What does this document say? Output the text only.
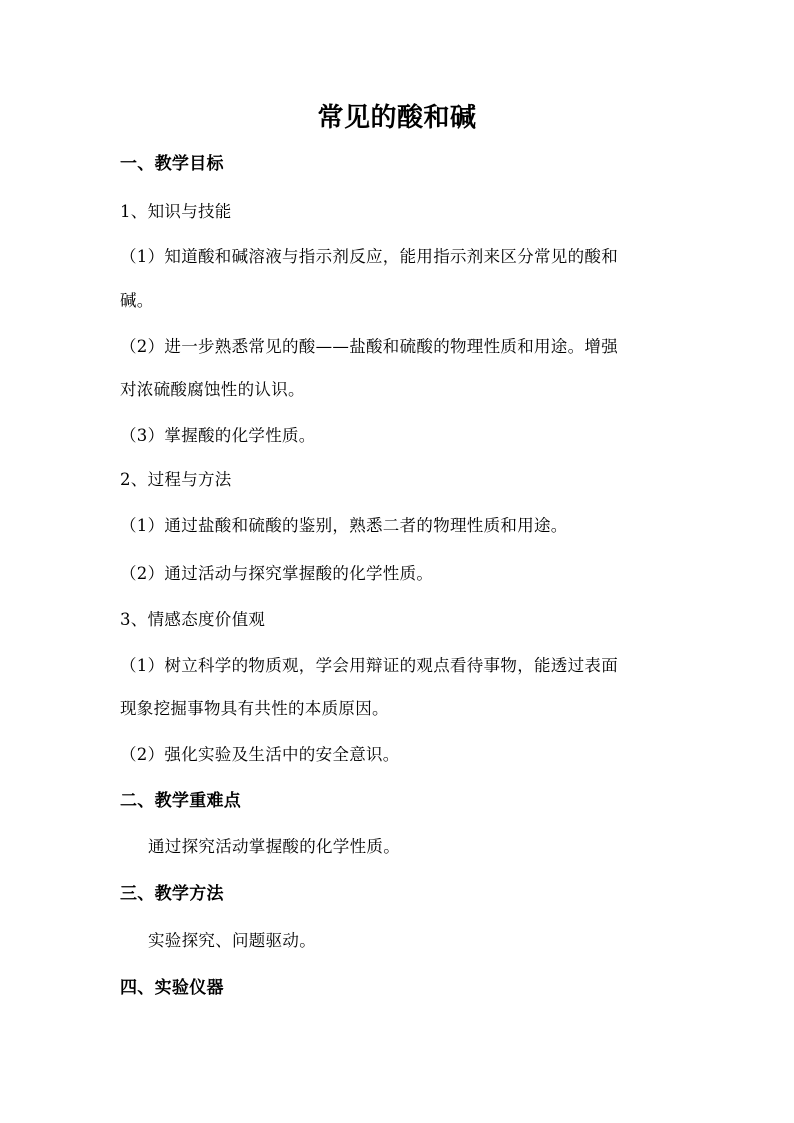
常见的酸和碱
一、教学目标
1、知识与技能
（1）知道酸和碱溶液与指示剂反应，能用指示剂来区分常见的酸和
碱。
（2）进一步熟悉常见的酸——盐酸和硫酸的物理性质和用途。增强
对浓硫酸腐蚀性的认识。
（3）掌握酸的化学性质。
2、过程与方法
（1）通过盐酸和硫酸的鉴别，熟悉二者的物理性质和用途。
（2）通过活动与探究掌握酸的化学性质。
3、情感态度价值观
（1）树立科学的物质观，学会用辩证的观点看待事物，能透过表面
现象挖掘事物具有共性的本质原因。
（2）强化实验及生活中的安全意识。
二、教学重难点
通过探究活动掌握酸的化学性质。
三、教学方法
实验探究、问题驱动。
四、实验仪器
